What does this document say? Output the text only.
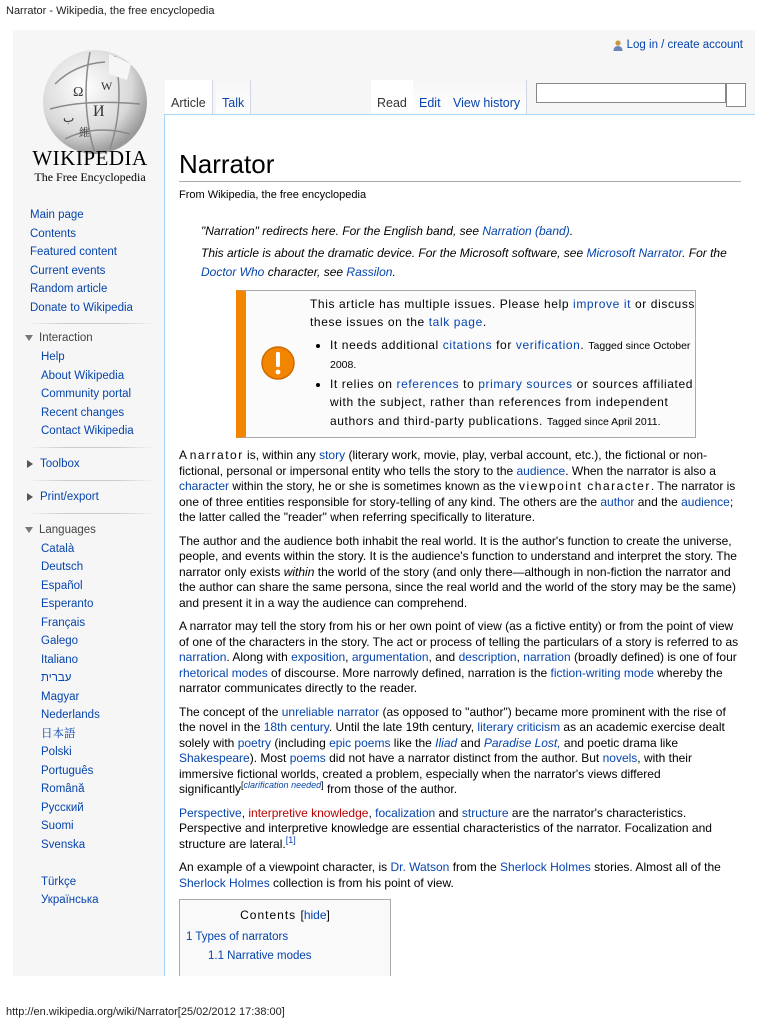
Narrator - Wikipedia, the free encyclopedia
Ω W
И
ب
維
WIKIPEDIA
The Free Encyclopedia
Log in / create account
Article	Talk	Read Edit View history
Main page
Contents
Featured content
Current events
Random article
Donate to Wikipedia
Interaction
Help
About Wikipedia
Community portal
Recent changes
Contact Wikipedia
Toolbox
Print/export
Languages
Català
Deutsch
Español
Esperanto
Français
Galego
Italiano
עברית
Magyar
Nederlands
日本語
Polski
Português
Română
Русский
Suomi
Svenska
Türkçe
Українська
Narrator
From Wikipedia, the free encyclopedia
"Narration" redirects here. For the English band, see Narration (band).
This article is about the dramatic device. For the Microsoft software, see Microsoft Narrator. For the Doctor Who character, see Rassilon.
This article has multiple issues. Please help improve it or discuss these issues on the talk page.
• It needs additional citations for verification. Tagged since October 2008.
• It relies on references to primary sources or sources affiliated with the subject, rather than references from independent authors and third-party publications. Tagged since April 2011.

A narrator is, within any story (literary work, movie, play, verbal account, etc.), the fictional or non-fictional, personal or impersonal entity who tells the story to the audience. When the narrator is also a character within the story, he or she is sometimes known as the viewpoint character. The narrator is one of three entities responsible for story-telling of any kind. The others are the author and the audience; the latter called the "reader" when referring specifically to literature.

The author and the audience both inhabit the real world. It is the author's function to create the universe, people, and events within the story. It is the audience's function to understand and interpret the story. The narrator only exists within the world of the story (and only there—although in non-fiction the narrator and the author can share the same persona, since the real world and the world of the story may be the same) and present it in a way the audience can comprehend.

A narrator may tell the story from his or her own point of view (as a fictive entity) or from the point of view of one of the characters in the story. The act or process of telling the particulars of a story is referred to as narration. Along with exposition, argumentation, and description, narration (broadly defined) is one of four rhetorical modes of discourse. More narrowly defined, narration is the fiction-writing mode whereby the narrator communicates directly to the reader.

The concept of the unreliable narrator (as opposed to "author") became more prominent with the rise of the novel in the 18th century. Until the late 19th century, literary criticism as an academic exercise dealt solely with poetry (including epic poems like the Iliad and Paradise Lost, and poetic drama like Shakespeare). Most poems did not have a narrator distinct from the author. But novels, with their immersive fictional worlds, created a problem, especially when the narrator's views differed significantly[clarification needed] from those of the author.

Perspective, interpretive knowledge, focalization and structure are the narrator's characteristics. Perspective and interpretive knowledge are essential characteristics of the narrator. Focalization and structure are lateral.[1]

An example of a viewpoint character, is Dr. Watson from the Sherlock Holmes stories. Almost all of the Sherlock Holmes collection is from his point of view.

Contents [hide]
1 Types of narrators
1.1 Narrative modes
http://en.wikipedia.org/wiki/Narrator[25/02/2012 17:38:00]
